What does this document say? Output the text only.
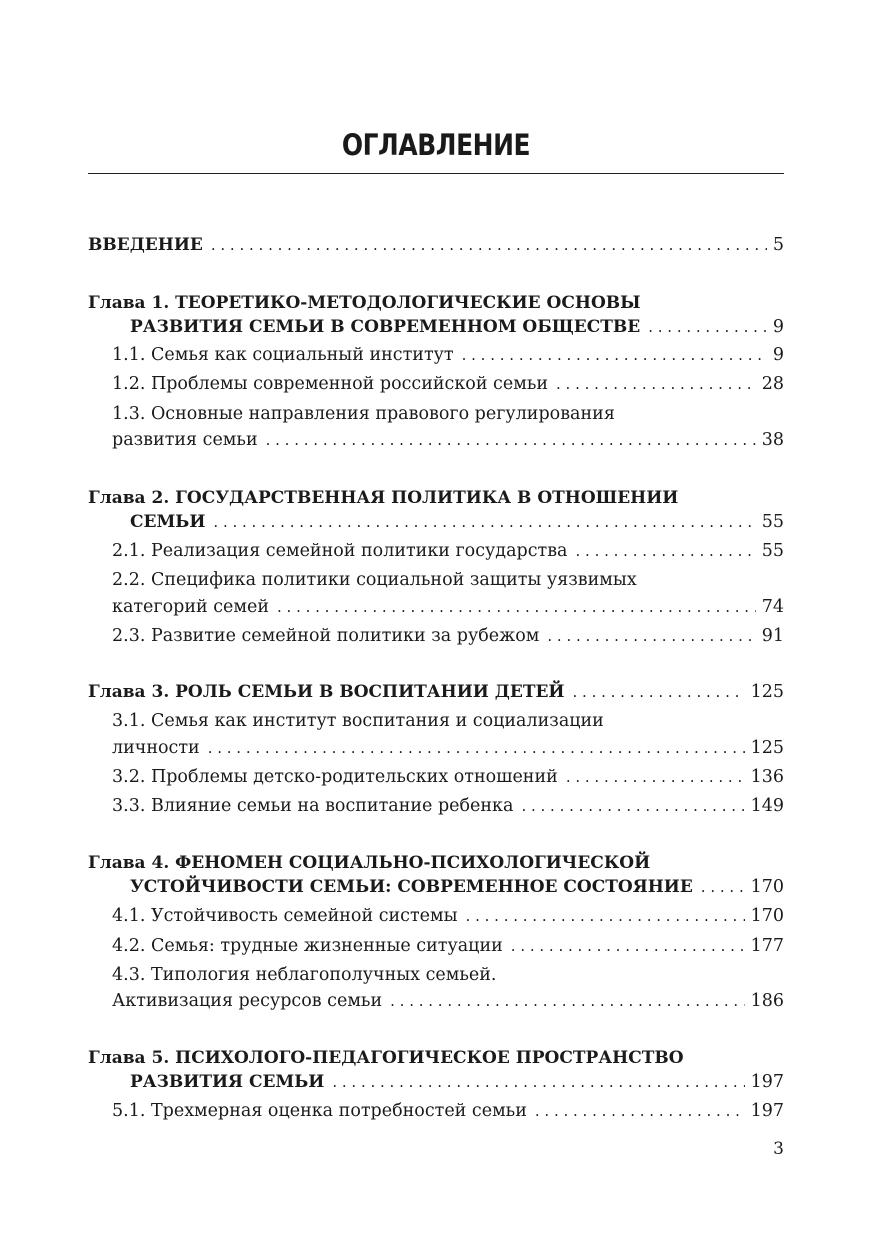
ОГЛАВЛЕНИЕ
ВВЕДЕНИЕ . . .	5
Глава 1. ТЕОРЕТИКО-МЕТОДОЛОГИЧЕСКИЕ ОСНОВЫ
РАЗВИТИЯ СЕМЬИ В СОВРЕМЕННОМ ОБЩЕСТВЕ . . .	9
1.1. Семья как социальный институт . . .	9
1.2. Проблемы современной российской семьи . . .	28
1.3. Основные направления правового регулирования
развития семьи . . .	38
Глава 2. ГОСУДАРСТВЕННАЯ ПОЛИТИКА В ОТНОШЕНИИ
СЕМЬИ . . .	55
2.1. Реализация семейной политики государства . . .	55
2.2. Специфика политики социальной защиты уязвимых
категорий семей . . .	74
2.3. Развитие семейной политики за рубежом . . .	91
Глава 3. РОЛЬ СЕМЬИ В ВОСПИТАНИИ ДЕТЕЙ . . .	125
3.1. Семья как институт воспитания и социализации
личности . . .	125
3.2. Проблемы детско-родительских отношений . . .	136
3.3. Влияние семьи на воспитание ребенка . . .	149
Глава 4. ФЕНОМЕН СОЦИАЛЬНО-ПСИХОЛОГИЧЕСКОЙ
УСТОЙЧИВОСТИ СЕМЬИ: СОВРЕМЕННОЕ СОСТОЯНИЕ . . .	170
4.1. Устойчивость семейной системы . . .	170
4.2. Семья: трудные жизненные ситуации . . .	177
4.3. Типология неблагополучных семьей.
Активизация ресурсов семьи . . .	186
Глава 5. ПСИХОЛОГО-ПЕДАГОГИЧЕСКОЕ ПРОСТРАНСТВО
РАЗВИТИЯ СЕМЬИ . . .	197
5.1. Трехмерная оценка потребностей семьи . . .	197
3
